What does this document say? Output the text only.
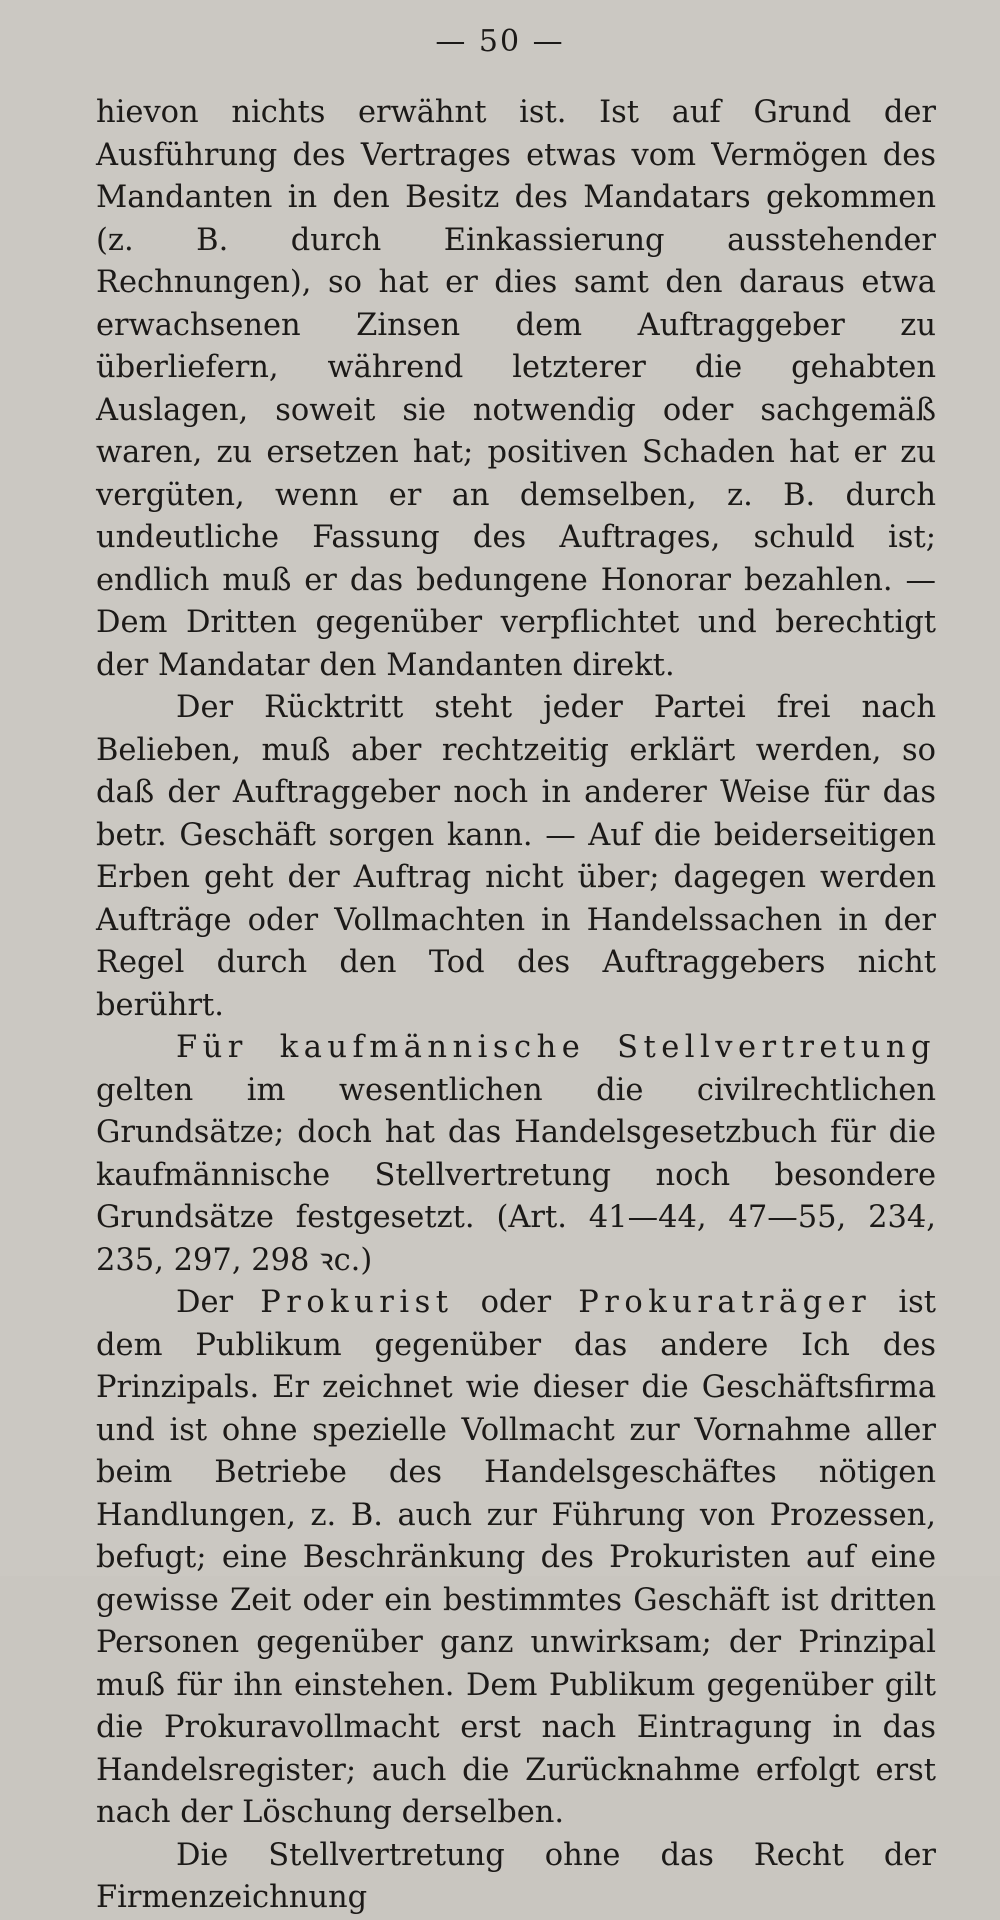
— 50 —

hievon nichts erwähnt ist. Ist auf Grund der Ausführung des Vertrages etwas vom Vermögen des Mandanten in den Besitz des Mandatars gekommen (z. B. durch Einkassierung ausstehender Rechnungen), so hat er dies samt den daraus etwa erwachsenen Zinsen dem Auftraggeber zu überliefern, während letzterer die gehabten Auslagen, soweit sie notwendig oder sachgemäß waren, zu ersetzen hat; positiven Schaden hat er zu vergüten, wenn er an demselben, z. B. durch undeutliche Fassung des Auftrages, schuld ist; endlich muß er das bedungene Honorar bezahlen. — Dem Dritten gegenüber verpflichtet und berechtigt der Mandatar den Mandanten direkt.

Der Rücktritt steht jeder Partei frei nach Belieben, muß aber rechtzeitig erklärt werden, so daß der Auftraggeber noch in anderer Weise für das betr. Geschäft sorgen kann. — Auf die beiderseitigen Erben geht der Auftrag nicht über; dagegen werden Aufträge oder Vollmachten in Handelssachen in der Regel durch den Tod des Auftraggebers nicht berührt.

Für kaufmännische Stellvertretung gelten im wesentlichen die civilrechtlichen Grundsätze; doch hat das Handelsgesetzbuch für die kaufmännische Stellvertretung noch besondere Grundsätze festgesetzt. (Art. 41—44, 47—55, 234, 235, 297, 298 ꝛc.)

Der Prokurist oder Prokuraträger ist dem Publikum gegenüber das andere Ich des Prinzipals. Er zeichnet wie dieser die Geschäftsfirma und ist ohne spezielle Vollmacht zur Vornahme aller beim Betriebe des Handelsgeschäftes nötigen Handlungen, z. B. auch zur Führung von Prozessen, befugt; eine Beschränkung des Prokuristen auf eine gewisse Zeit oder ein bestimmtes Geschäft ist dritten Personen gegenüber ganz unwirksam; der Prinzipal muß für ihn einstehen. Dem Publikum gegenüber gilt die Prokuravollmacht erst nach Eintragung in das Handelsregister; auch die Zurücknahme erfolgt erst nach der Löschung derselben.

Die Stellvertretung ohne das Recht der Firmenzeichnung
